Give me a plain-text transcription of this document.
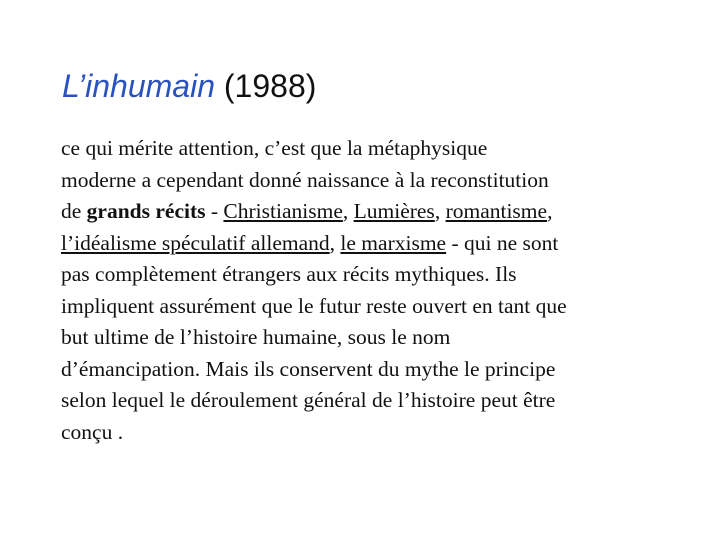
L’inhumain (1988)
ce qui mérite attention, c’est que la métaphysique
moderne a cependant donné naissance à la reconstitution
de grands récits - Christianisme, Lumières, romantisme,
l’idéalisme spéculatif allemand, le marxisme - qui ne sont
pas complètement étrangers aux récits mythiques. Ils
impliquent assurément que le futur reste ouvert en tant que
but ultime de l’histoire humaine, sous le nom
d’émancipation. Mais ils conservent du mythe le principe
selon lequel le déroulement général de l’histoire peut être
conçu .
